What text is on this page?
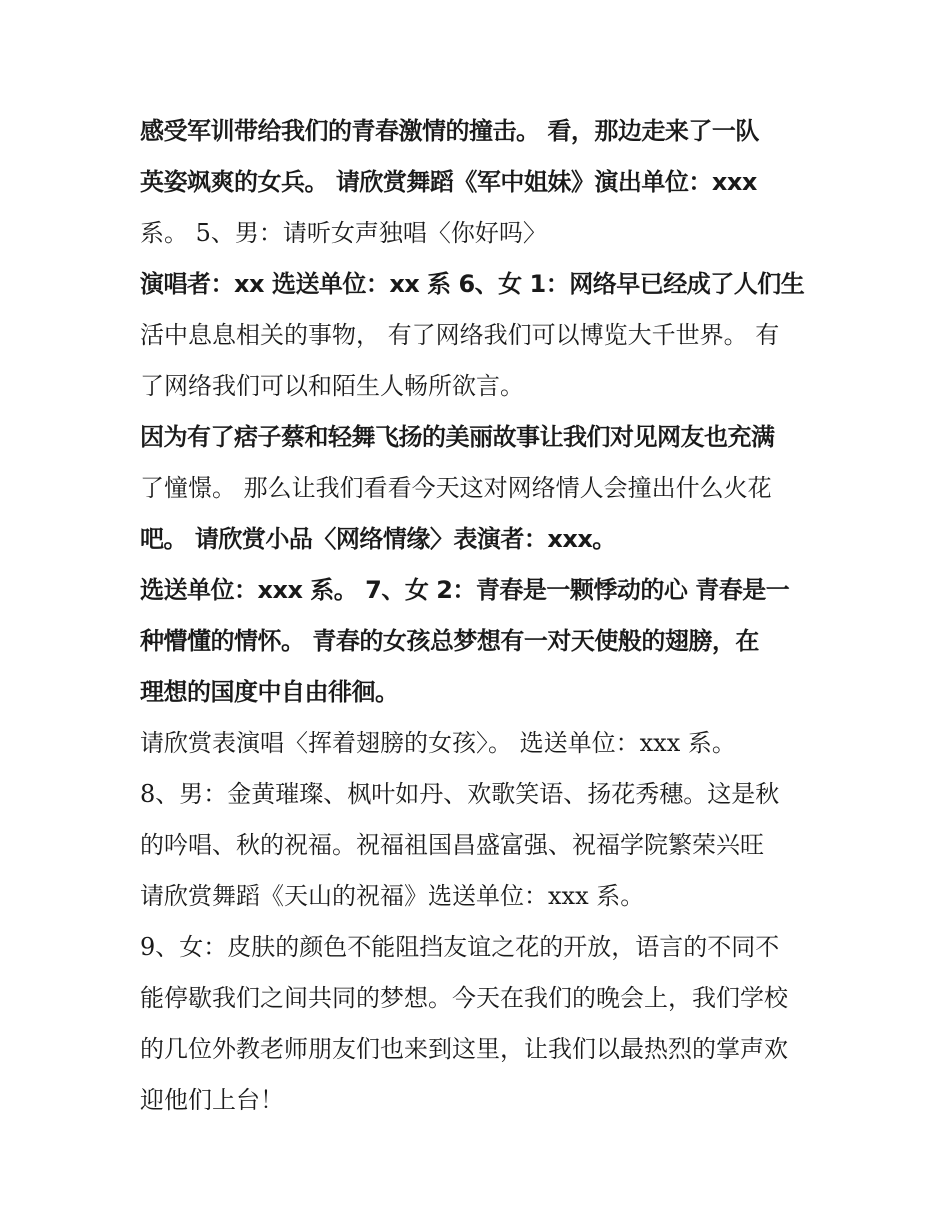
感受军训带给我们的青春激情的撞击。 看，那边走来了一队
英姿飒爽的女兵。 请欣赏舞蹈《军中姐妹》演出单位：xxx
系。 5、男：请听女声独唱〈你好吗〉
演唱者：xx 选送单位：xx 系 6、女 1：网络早已经成了人们生
活中息息相关的事物， 有了网络我们可以博览大千世界。 有
了网络我们可以和陌生人畅所欲言。
因为有了痞子蔡和轻舞飞扬的美丽故事让我们对见网友也充满
了憧憬。 那么让我们看看今天这对网络情人会撞出什么火花
吧。 请欣赏小品〈网络情缘〉表演者：xxx。
选送单位：xxx 系。 7、女 2：青春是一颗悸动的心 青春是一
种懵懂的情怀。 青春的女孩总梦想有一对天使般的翅膀，在
理想的国度中自由徘徊。
请欣赏表演唱〈挥着翅膀的女孩〉。 选送单位：xxx 系。
8、男：金黄璀璨、枫叶如丹、欢歌笑语、扬花秀穗。这是秋
的吟唱、秋的祝福。祝福祖国昌盛富强、祝福学院繁荣兴旺
请欣赏舞蹈《天山的祝福》选送单位：xxx 系。
9、女：皮肤的颜色不能阻挡友谊之花的开放，语言的不同不
能停歇我们之间共同的梦想。今天在我们的晚会上，我们学校
的几位外教老师朋友们也来到这里，让我们以最热烈的掌声欢
迎他们上台！
